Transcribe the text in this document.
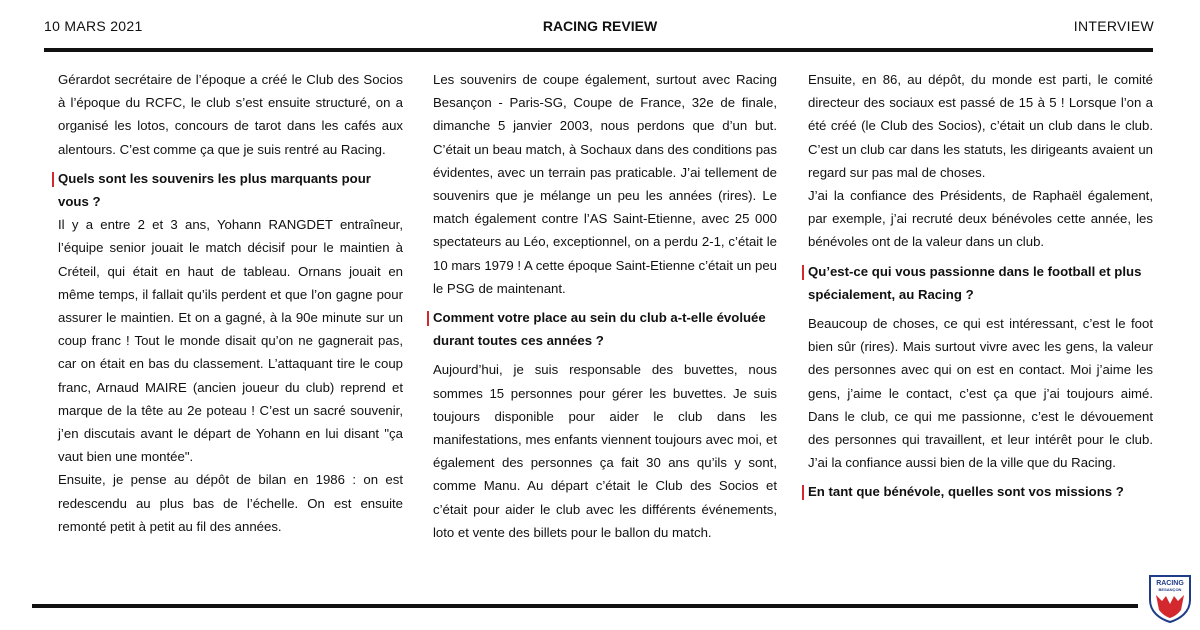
10 MARS 2021	RACING REVIEW	INTERVIEW

Gérardot secrétaire de l’époque a créé le Club des Socios à l’époque du RCFC, le club s’est ensuite structuré, on a organisé les lotos, concours de tarot dans les cafés aux alentours. C’est comme ça que je suis rentré au Racing.

Quels sont les souvenirs les plus marquants pour vous ?

Il y a entre 2 et 3 ans, Yohann RANGDET entraîneur, l’équipe senior jouait le match décisif pour le maintien à Créteil, qui était en haut de tableau. Ornans jouait en même temps, il fallait qu’ils perdent et que l’on gagne pour assurer le maintien. Et on a gagné, à la 90e minute sur un coup franc ! Tout le monde disait qu’on ne gagnerait pas, car on était en bas du classement. L’attaquant tire le coup franc, Arnaud MAIRE (ancien joueur du club) reprend et marque de la tête au 2e poteau ! C’est un sacré souvenir, j’en discutais avant le départ de Yohann en lui disant "ça vaut bien une montée".

Ensuite, je pense au dépôt de bilan en 1986 : on est redescendu au plus bas de l’échelle. On est ensuite remonté petit à petit au fil des années.

Les souvenirs de coupe également, surtout avec Racing Besançon - Paris-SG, Coupe de France, 32e de finale, dimanche 5 janvier 2003, nous perdons que d’un but. C’était un beau match, à Sochaux dans des conditions pas évidentes, avec un terrain pas praticable. J’ai tellement de souvenirs que je mélange un peu les années (rires). Le match également contre l’AS Saint-Etienne, avec 25 000 spectateurs au Léo, exceptionnel, on a perdu 2-1, c’était le 10 mars 1979 ! A cette époque Saint-Etienne c’était un peu le PSG de maintenant.

Comment votre place au sein du club a-t-elle évoluée durant toutes ces années ?

Aujourd’hui, je suis responsable des buvettes, nous sommes 15 personnes pour gérer les buvettes. Je suis toujours disponible pour aider le club dans les manifestations, mes enfants viennent toujours avec moi, et également des personnes ça fait 30 ans qu’ils y sont, comme Manu. Au départ c’était le Club des Socios et c’était pour aider le club avec les différents événements, loto et vente des billets pour le ballon du match.

Ensuite, en 86, au dépôt, du monde est parti, le comité directeur des sociaux est passé de 15 à 5 ! Lorsque l’on a été créé (le Club des Socios), c’était un club dans le club. C’est un club car dans les statuts, les dirigeants avaient un regard sur pas mal de choses.

J’ai la confiance des Présidents, de Raphaël également, par exemple, j’ai recruté deux bénévoles cette année, les bénévoles ont de la valeur dans un club.

Qu’est-ce qui vous passionne dans le football et plus spécialement, au Racing ?

Beaucoup de choses, ce qui est intéressant, c’est le foot bien sûr (rires). Mais surtout vivre avec les gens, la valeur des personnes avec qui on est en contact. Moi j’aime les gens, j’aime le contact, c’est ça que j’ai toujours aimé. Dans le club, ce qui me passionne, c’est le dévouement des personnes qui travaillent, et leur intérêt pour le club. J’ai la confiance aussi bien de la ville que du Racing.

En tant que bénévole, quelles sont vos missions ?

RACING
BESANÇON
